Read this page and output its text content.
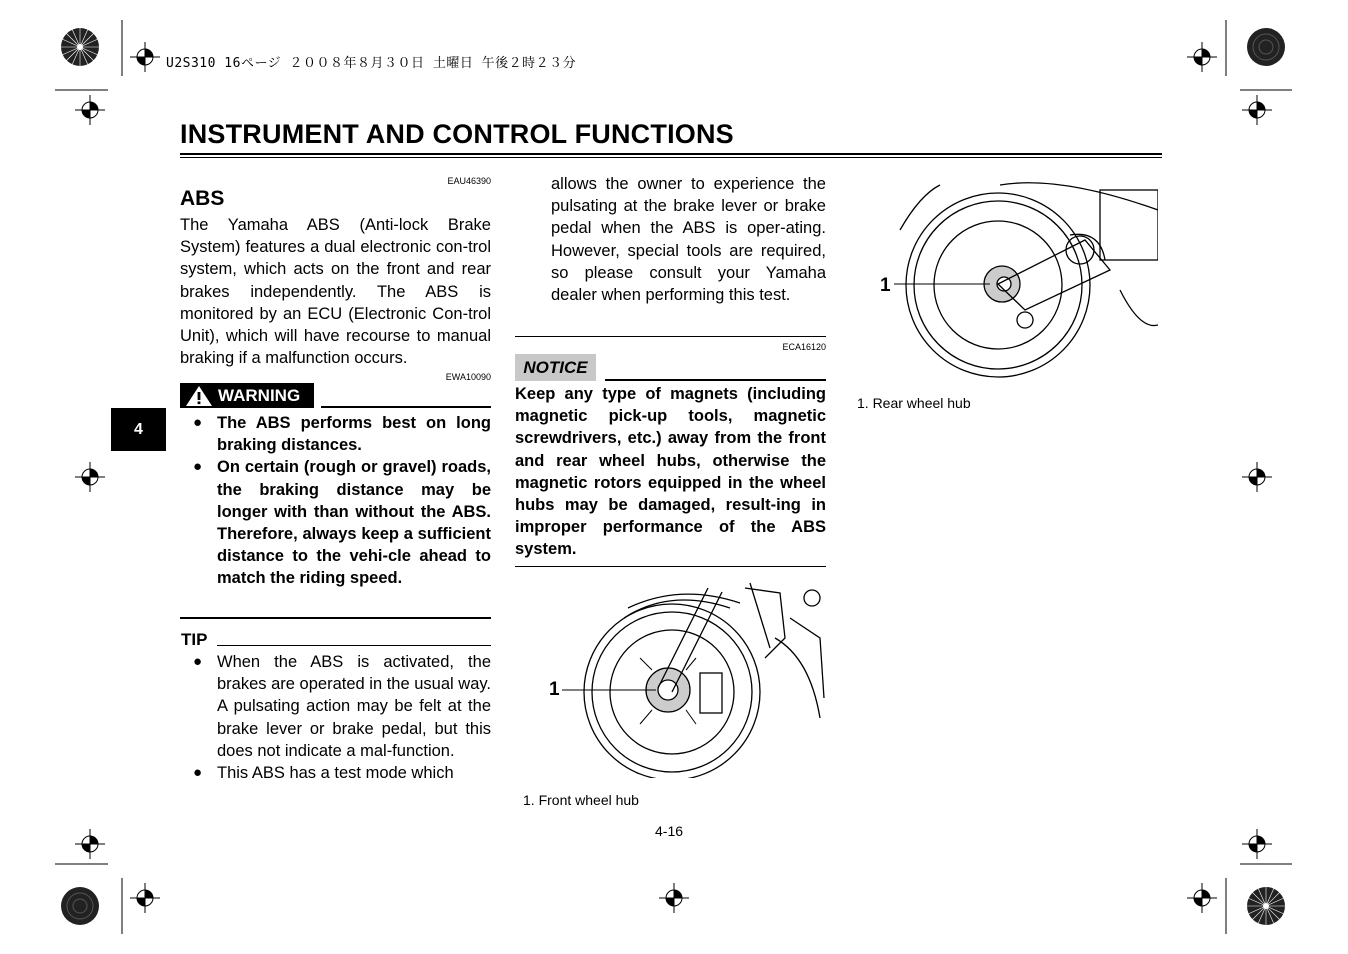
U2S310 16ページ ２００８年８月３０日 土曜日 午後２時２３分
INSTRUMENT AND CONTROL FUNCTIONS
4
EAU46390
ABS
The Yamaha ABS (Anti-lock Brake System) features a dual electronic con-trol system, which acts on the front and rear brakes independently. The ABS is monitored by an ECU (Electronic Con-trol Unit), which will have recourse to manual braking if a malfunction occurs.
EWA10090
WARNING
● The ABS performs best on long braking distances.
● On certain (rough or gravel) roads, the braking distance may be longer with than without the ABS. Therefore, always keep a sufficient distance to the vehi-cle ahead to match the riding speed.
TIP
● When the ABS is activated, the brakes are operated in the usual way. A pulsating action may be felt at the brake lever or brake pedal, but this does not indicate a mal-function.
● This ABS has a test mode which
allows the owner to experience the pulsating at the brake lever or brake pedal when the ABS is oper-ating. However, special tools are required, so please consult your Yamaha dealer when performing this test.
ECA16120
NOTICE
Keep any type of magnets (including magnetic pick-up tools, magnetic screwdrivers, etc.) away from the front and rear wheel hubs, otherwise the magnetic rotors equipped in the wheel hubs may be damaged, result-ing in improper performance of the ABS system.
1
1. Front wheel hub
1
1. Rear wheel hub
4-16
